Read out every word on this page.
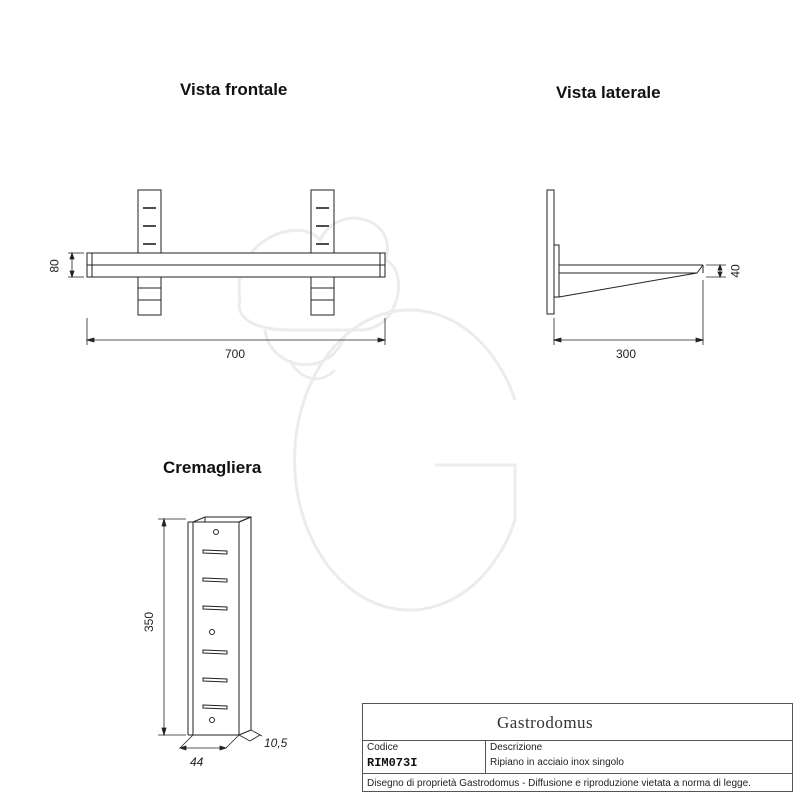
Vista frontale	Vista laterale
Cremagliera
80
700
40
300
350
44
10,5
Gastrodomus
Codice
RIM073I
Descrizione
Ripiano in acciaio inox singolo
Disegno di proprietà Gastrodomus - Diffusione e riproduzione vietata a norma di legge.
